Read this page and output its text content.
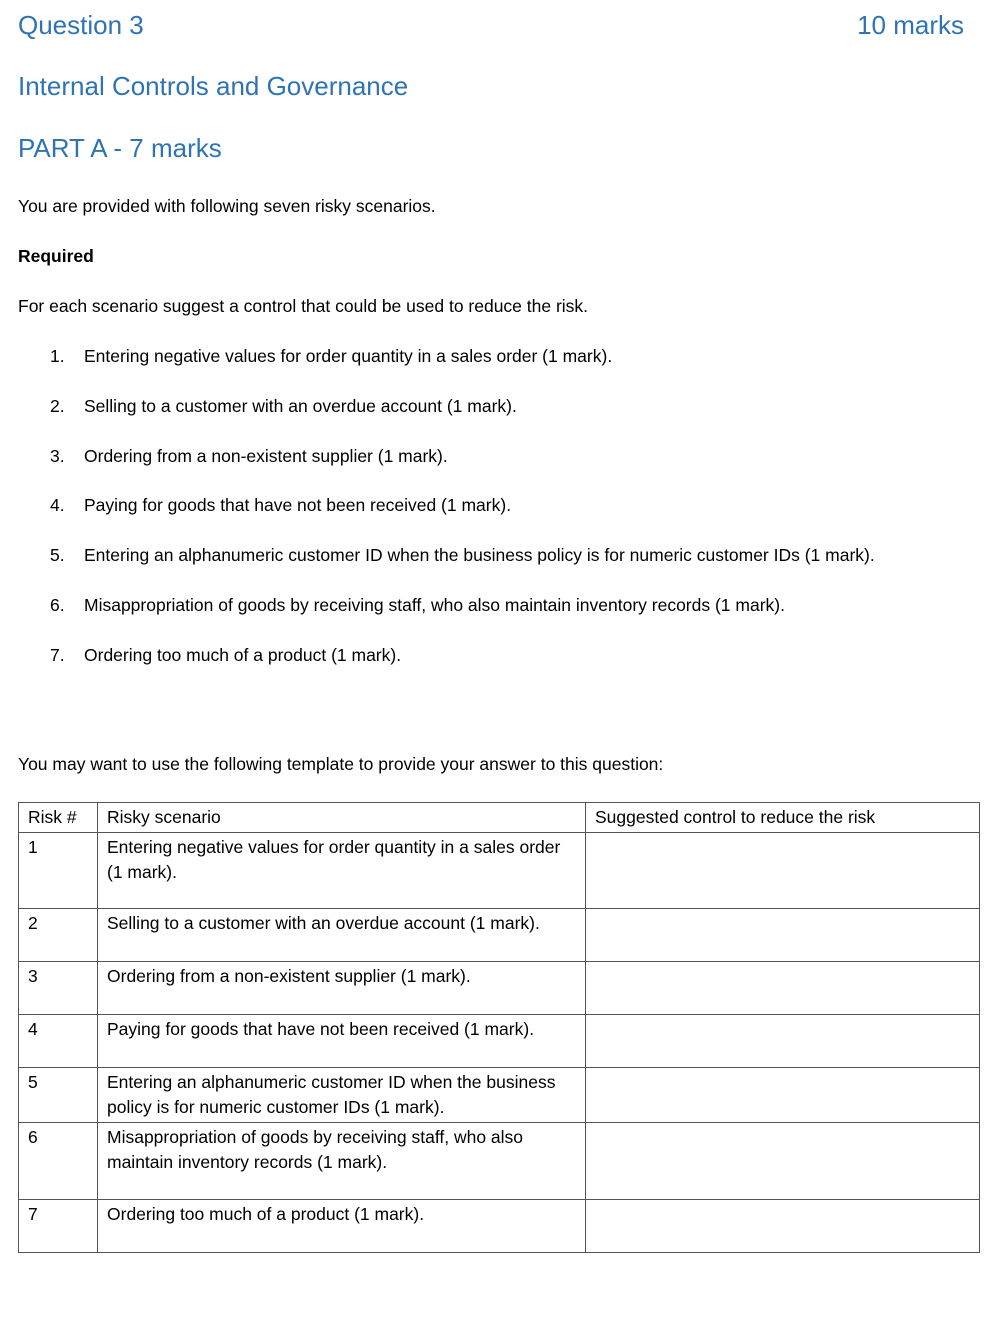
Question 3	10 marks
Internal Controls and Governance
PART A - 7 marks
You are provided with following seven risky scenarios.
Required
For each scenario suggest a control that could be used to reduce the risk.
1. Entering negative values for order quantity in a sales order (1 mark).
2. Selling to a customer with an overdue account (1 mark).
3. Ordering from a non-existent supplier (1 mark).
4. Paying for goods that have not been received (1 mark).
5. Entering an alphanumeric customer ID when the business policy is for numeric customer IDs (1 mark).
6. Misappropriation of goods by receiving staff, who also maintain inventory records (1 mark).
7. Ordering too much of a product (1 mark).
You may want to use the following template to provide your answer to this question:
Risk #	Risky scenario	Suggested control to reduce the risk
1	Entering negative values for order quantity in a sales order (1 mark).	
2	Selling to a customer with an overdue account (1 mark).	
3	Ordering from a non-existent supplier (1 mark).	
4	Paying for goods that have not been received (1 mark).	
5	Entering an alphanumeric customer ID when the business policy is for numeric customer IDs (1 mark).	
6	Misappropriation of goods by receiving staff, who also maintain inventory records (1 mark).	
7	Ordering too much of a product (1 mark).	
